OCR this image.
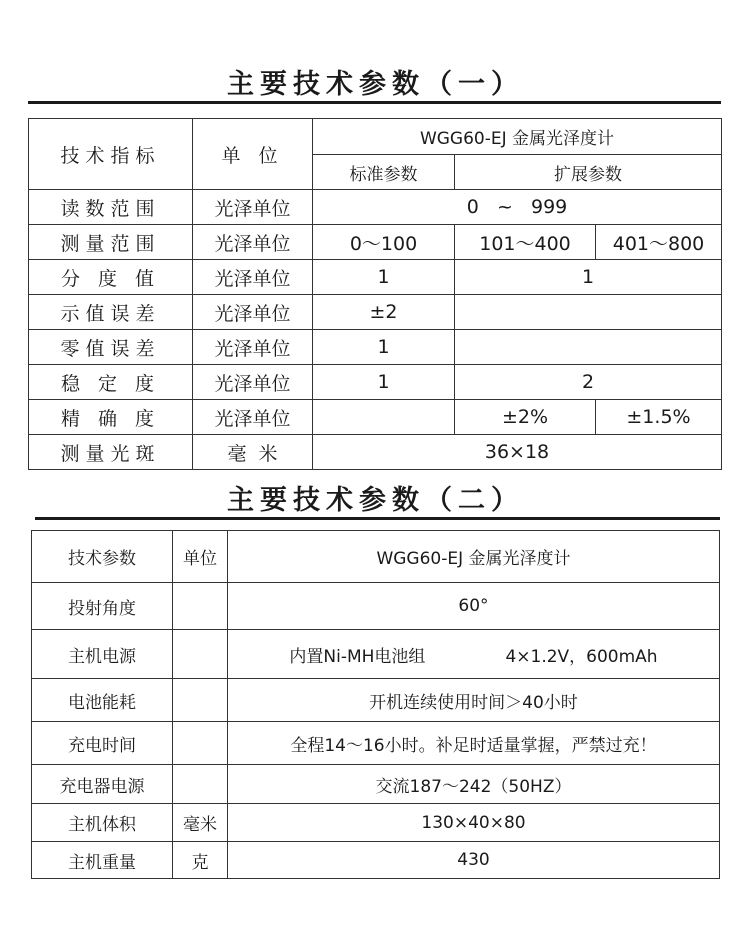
主要技术参数（一）
技术指标	单 位	WGG60-EJ 金属光泽度计		
		标准参数	扩展参数	
读数范围	光泽单位	0   ~   999		
测量范围	光泽单位	0～100	101～400	401～800
分 度 值	光泽单位	1	1	
示值误差	光泽单位	±2		
零值误差	光泽单位	1		
稳 定 度	光泽单位	1	2	
精 确 度	光泽单位		±2%	±1.5%
测量光斑	毫  米	36×18		
主要技术参数（二）
技术参数	单位	WGG60-EJ 金属光泽度计
投射角度		60°
主机电源		内置Ni-MH电池组 4×1.2V，600mAh
电池能耗		开机连续使用时间＞40小时
充电时间		全程14～16小时。补足时适量掌握，严禁过充！
充电器电源		交流187～242（50HZ）
主机体积	毫米	130×40×80
主机重量	克	430
